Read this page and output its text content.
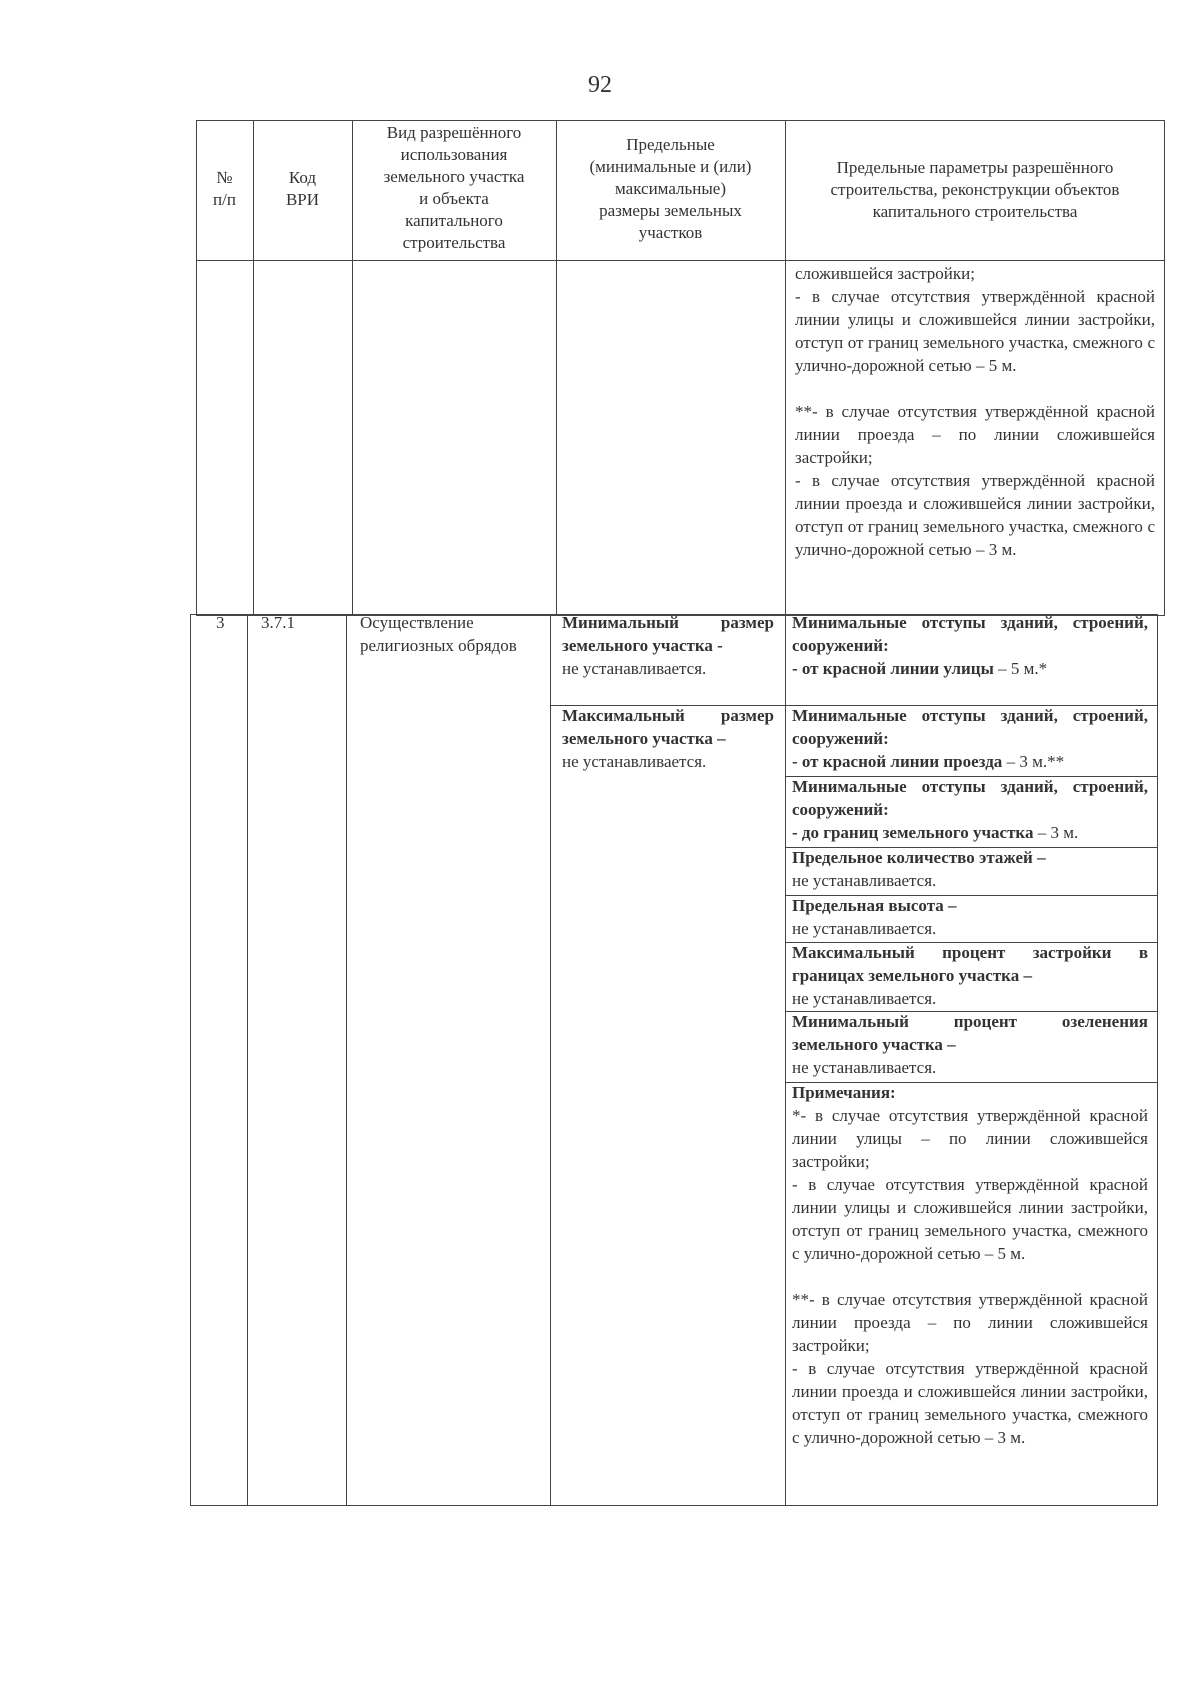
92
№
п/п
Код
ВРИ
Вид разрешённого
использования
земельного участка
и объекта
капитального
строительства
Предельные
(минимальные и (или)
максимальные)
размеры земельных
участков
Предельные параметры разрешённого
строительства, реконструкции объектов
капитального строительства
сложившейся застройки;
- в случае отсутствия утверждённой красной линии улицы и сложившейся линии застройки, отступ от границ земельного участка, смежного с улично-дорожной сетью – 5 м.
**- в случае отсутствия утверждённой красной линии проезда – по линии сложившейся застройки;
- в случае отсутствия утверждённой красной линии проезда и сложившейся линии застройки, отступ от границ земельного участка, смежного с улично-дорожной сетью – 3 м.
3	3.7.1	Осуществление религиозных обрядов
Минимальный размер земельного участка -
не устанавливается.
Максимальный размер земельного участка –
не устанавливается.
Минимальные отступы зданий, строений, сооружений:
- от красной линии улицы – 5 м.*
Минимальные отступы зданий, строений, сооружений:
- от красной линии проезда – 3 м.**
Минимальные отступы зданий, строений, сооружений:
- до границ земельного участка – 3 м.
Предельное количество этажей –
не устанавливается.
Предельная высота –
не устанавливается.
Максимальный процент застройки в границах земельного участка –
не устанавливается.
Минимальный процент озеленения земельного участка –
не устанавливается.
Примечания:
*- в случае отсутствия утверждённой красной линии улицы – по линии сложившейся застройки;
- в случае отсутствия утверждённой красной линии улицы и сложившейся линии застройки, отступ от границ земельного участка, смежного с улично-дорожной сетью – 5 м.
**- в случае отсутствия утверждённой красной линии проезда – по линии сложившейся застройки;
- в случае отсутствия утверждённой красной линии проезда и сложившейся линии застройки, отступ от границ земельного участка, смежного с улично-дорожной сетью – 3 м.
